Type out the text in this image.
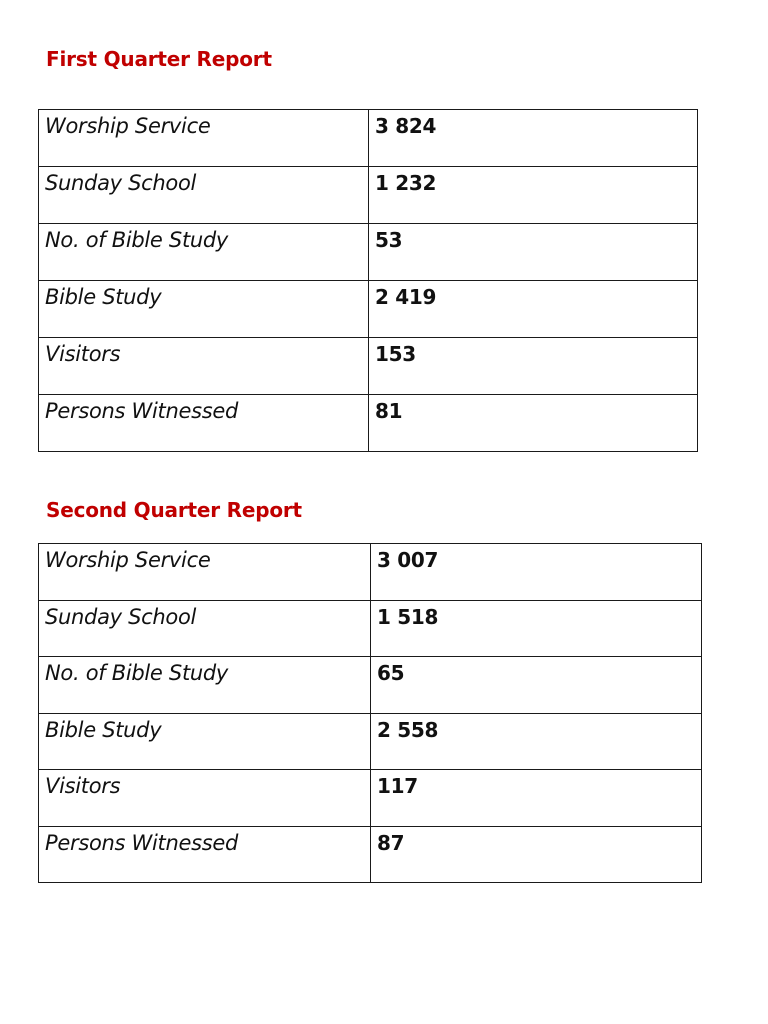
First Quarter Report
Worship Service	3 824
Sunday School	1 232
No. of Bible Study	53
Bible Study	2 419
Visitors	153
Persons Witnessed	81
Second Quarter Report
Worship Service	3 007
Sunday School	1 518
No. of Bible Study	65
Bible Study	2 558
Visitors	117
Persons Witnessed	87
